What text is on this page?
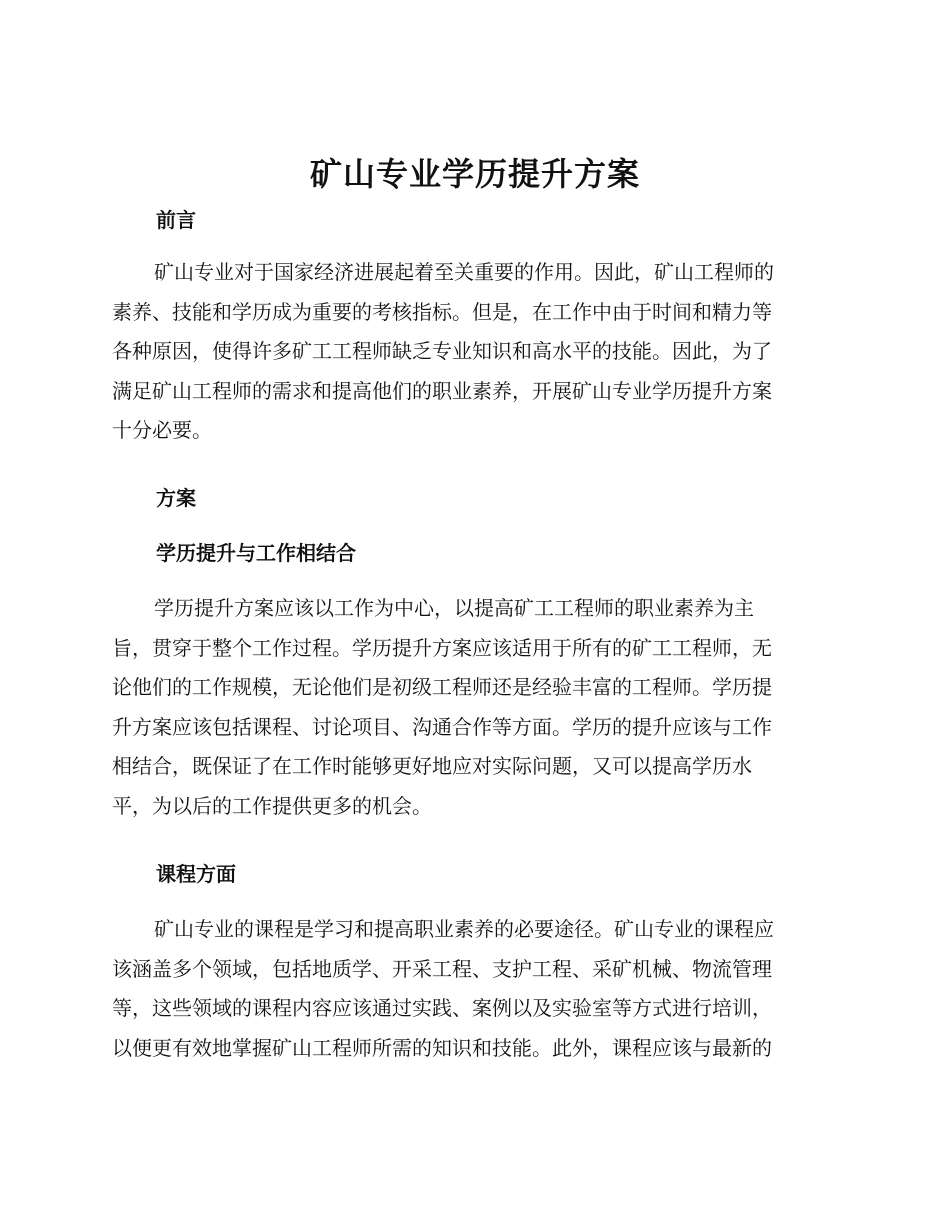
矿山专业学历提升方案
前言

矿山专业对于国家经济进展起着至关重要的作用。因此，矿山工程师的
素养、技能和学历成为重要的考核指标。但是，在工作中由于时间和精力等
各种原因，使得许多矿工工程师缺乏专业知识和高水平的技能。因此，为了
满足矿山工程师的需求和提高他们的职业素养，开展矿山专业学历提升方案
十分必要。

方案
学历提升与工作相结合

学历提升方案应该以工作为中心，以提高矿工工程师的职业素养为主
旨，贯穿于整个工作过程。学历提升方案应该适用于所有的矿工工程师，无
论他们的工作规模，无论他们是初级工程师还是经验丰富的工程师。学历提
升方案应该包括课程、讨论项目、沟通合作等方面。学历的提升应该与工作
相结合，既保证了在工作时能够更好地应对实际问题，又可以提高学历水
平，为以后的工作提供更多的机会。

课程方面

矿山专业的课程是学习和提高职业素养的必要途径。矿山专业的课程应
该涵盖多个领域，包括地质学、开采工程、支护工程、采矿机械、物流管理
等，这些领域的课程内容应该通过实践、案例以及实验室等方式进行培训，
以便更有效地掌握矿山工程师所需的知识和技能。此外，课程应该与最新的
